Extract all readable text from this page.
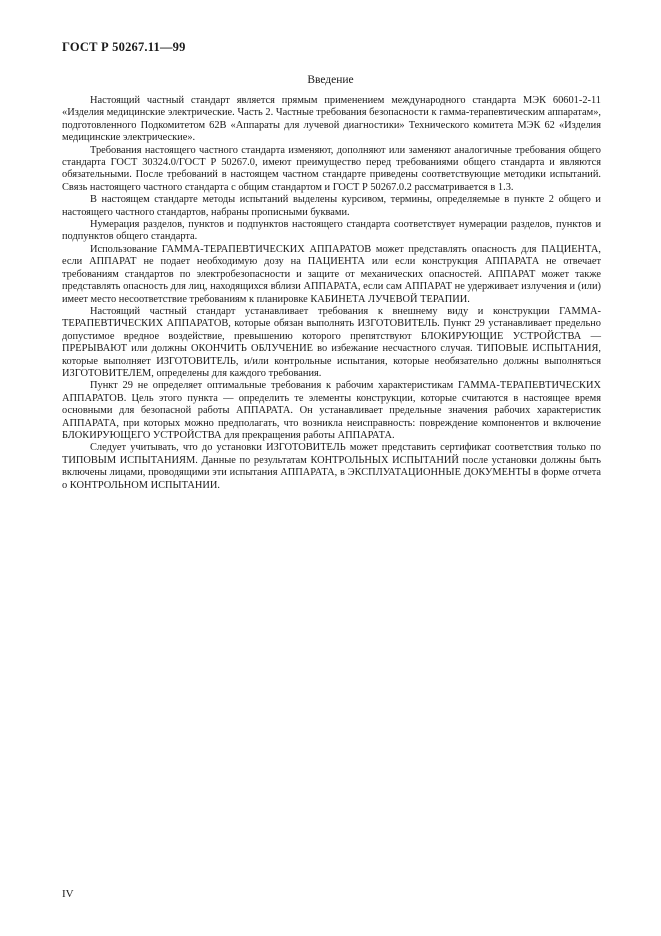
ГОСТ Р 50267.11—99
Введение

Настоящий частный стандарт является прямым применением международного стандарта МЭК 60601-2-11 «Изделия медицинские электрические. Часть 2. Частные требования безопасности к гамма-терапевтическим аппаратам», подготовленного Подкомитетом 62В «Аппараты для лучевой диагностики» Технического комитета МЭК 62 «Изделия медицинские электрические».

Требования настоящего частного стандарта изменяют, дополняют или заменяют аналогичные требования общего стандарта ГОСТ 30324.0/ГОСТ Р 50267.0, имеют преимущество перед требованиями общего стандарта и являются обязательными. После требований в настоящем частном стандарте приведены соответствующие методики испытаний. Связь настоящего частного стандарта с общим стандартом и ГОСТ Р 50267.0.2 рассматривается в 1.3.

В настоящем стандарте методы испытаний выделены курсивом, термины, определяемые в пункте 2 общего и настоящего частного стандартов, набраны прописными буквами.

Нумерация разделов, пунктов и подпунктов настоящего стандарта соответствует нумерации разделов, пунктов и подпунктов общего стандарта.

Использование ГАММА-ТЕРАПЕВТИЧЕСКИХ АППАРАТОВ может представлять опасность для ПАЦИЕНТА, если АППАРАТ не подает необходимую дозу на ПАЦИЕНТА или если конструкция АППАРАТА не отвечает требованиям стандартов по электробезопасности и защите от механических опасностей. АППАРАТ может также представлять опасность для лиц, находящихся вблизи АППАРАТА, если сам АППАРАТ не удерживает излучения и (или) имеет место несоответствие требованиям к планировке КАБИНЕТА ЛУЧЕВОЙ ТЕРАПИИ.

Настоящий частный стандарт устанавливает требования к внешнему виду и конструкции ГАММА-ТЕРАПЕВТИЧЕСКИХ АППАРАТОВ, которые обязан выполнять ИЗГОТОВИТЕЛЬ. Пункт 29 устанавливает предельно допустимое вредное воздействие, превышению которого препятствуют БЛОКИРУЮЩИЕ УСТРОЙСТВА — ПРЕРЫВАЮТ или должны ОКОНЧИТЬ ОБЛУЧЕНИЕ во избежание несчастного случая. ТИПОВЫЕ ИСПЫТАНИЯ, которые выполняет ИЗГОТОВИТЕЛЬ, и/или контрольные испытания, которые необязательно должны выполняться ИЗГОТОВИТЕЛЕМ, определены для каждого требования.

Пункт 29 не определяет оптимальные требования к рабочим характеристикам ГАММА-ТЕРАПЕВТИЧЕСКИХ АППАРАТОВ. Цель этого пункта — определить те элементы конструкции, которые считаются в настоящее время основными для безопасной работы АППАРАТА. Он устанавливает предельные значения рабочих характеристик АППАРАТА, при которых можно предполагать, что возникла неисправность: повреждение компонентов и включение БЛОКИРУЮЩЕГО УСТРОЙСТВА для прекращения работы АППАРАТА.

Следует учитывать, что до установки ИЗГОТОВИТЕЛЬ может представить сертификат соответствия только по ТИПОВЫМ ИСПЫТАНИЯМ. Данные по результатам КОНТРОЛЬНЫХ ИСПЫТАНИЙ после установки должны быть включены лицами, проводящими эти испытания АППАРАТА, в ЭКСПЛУАТАЦИОННЫЕ ДОКУМЕНТЫ в форме отчета о КОНТРОЛЬНОМ ИСПЫТАНИИ.

IV
